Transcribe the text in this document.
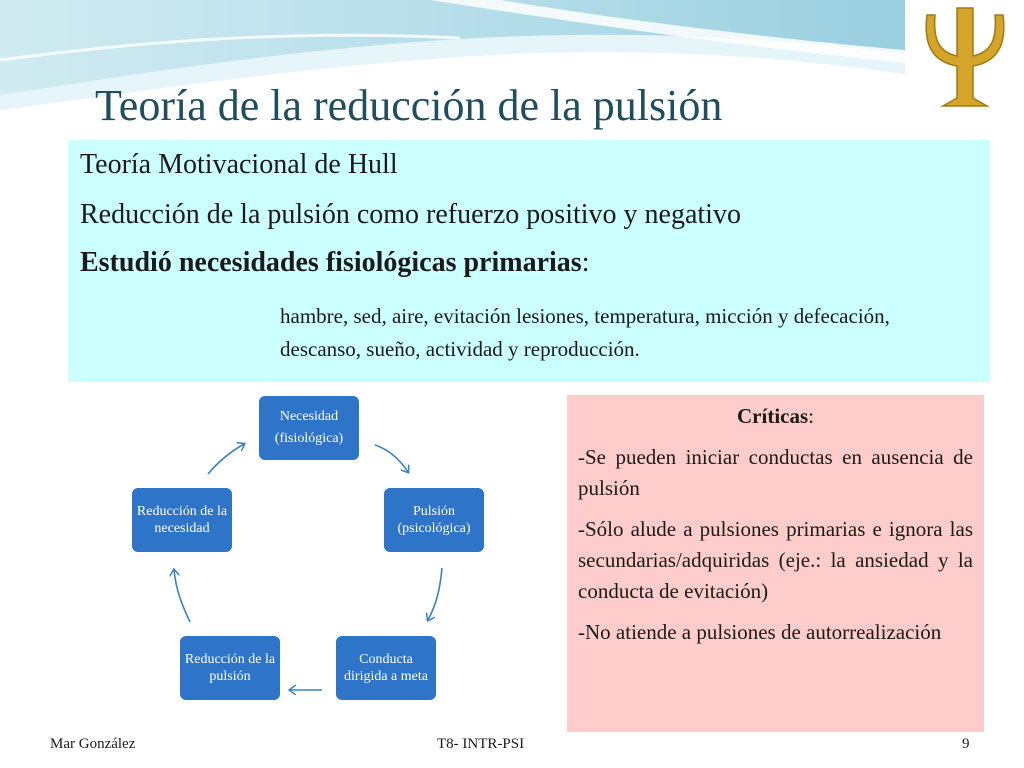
Teoría de la reducción de la pulsión
Teoría Motivacional de Hull
Reducción de la pulsión como refuerzo positivo y negativo
Estudió necesidades fisiológicas primarias:
hambre, sed, aire, evitación lesiones, temperatura, micción y defecación, descanso, sueño, actividad y reproducción.
Necesidad
(fisiológica)
Pulsión
(psicológica)
Conducta dirigida a meta
Reducción de la pulsión
Reducción de la necesidad
Críticas:

-Se pueden iniciar conductas en ausencia de pulsión

-Sólo alude a pulsiones primarias e ignora las secundarias/adquiridas (eje.: la ansiedad y la conducta de evitación)

-No atiende a pulsiones de autorrealización

Mar González	T8- INTR-PSI	9
